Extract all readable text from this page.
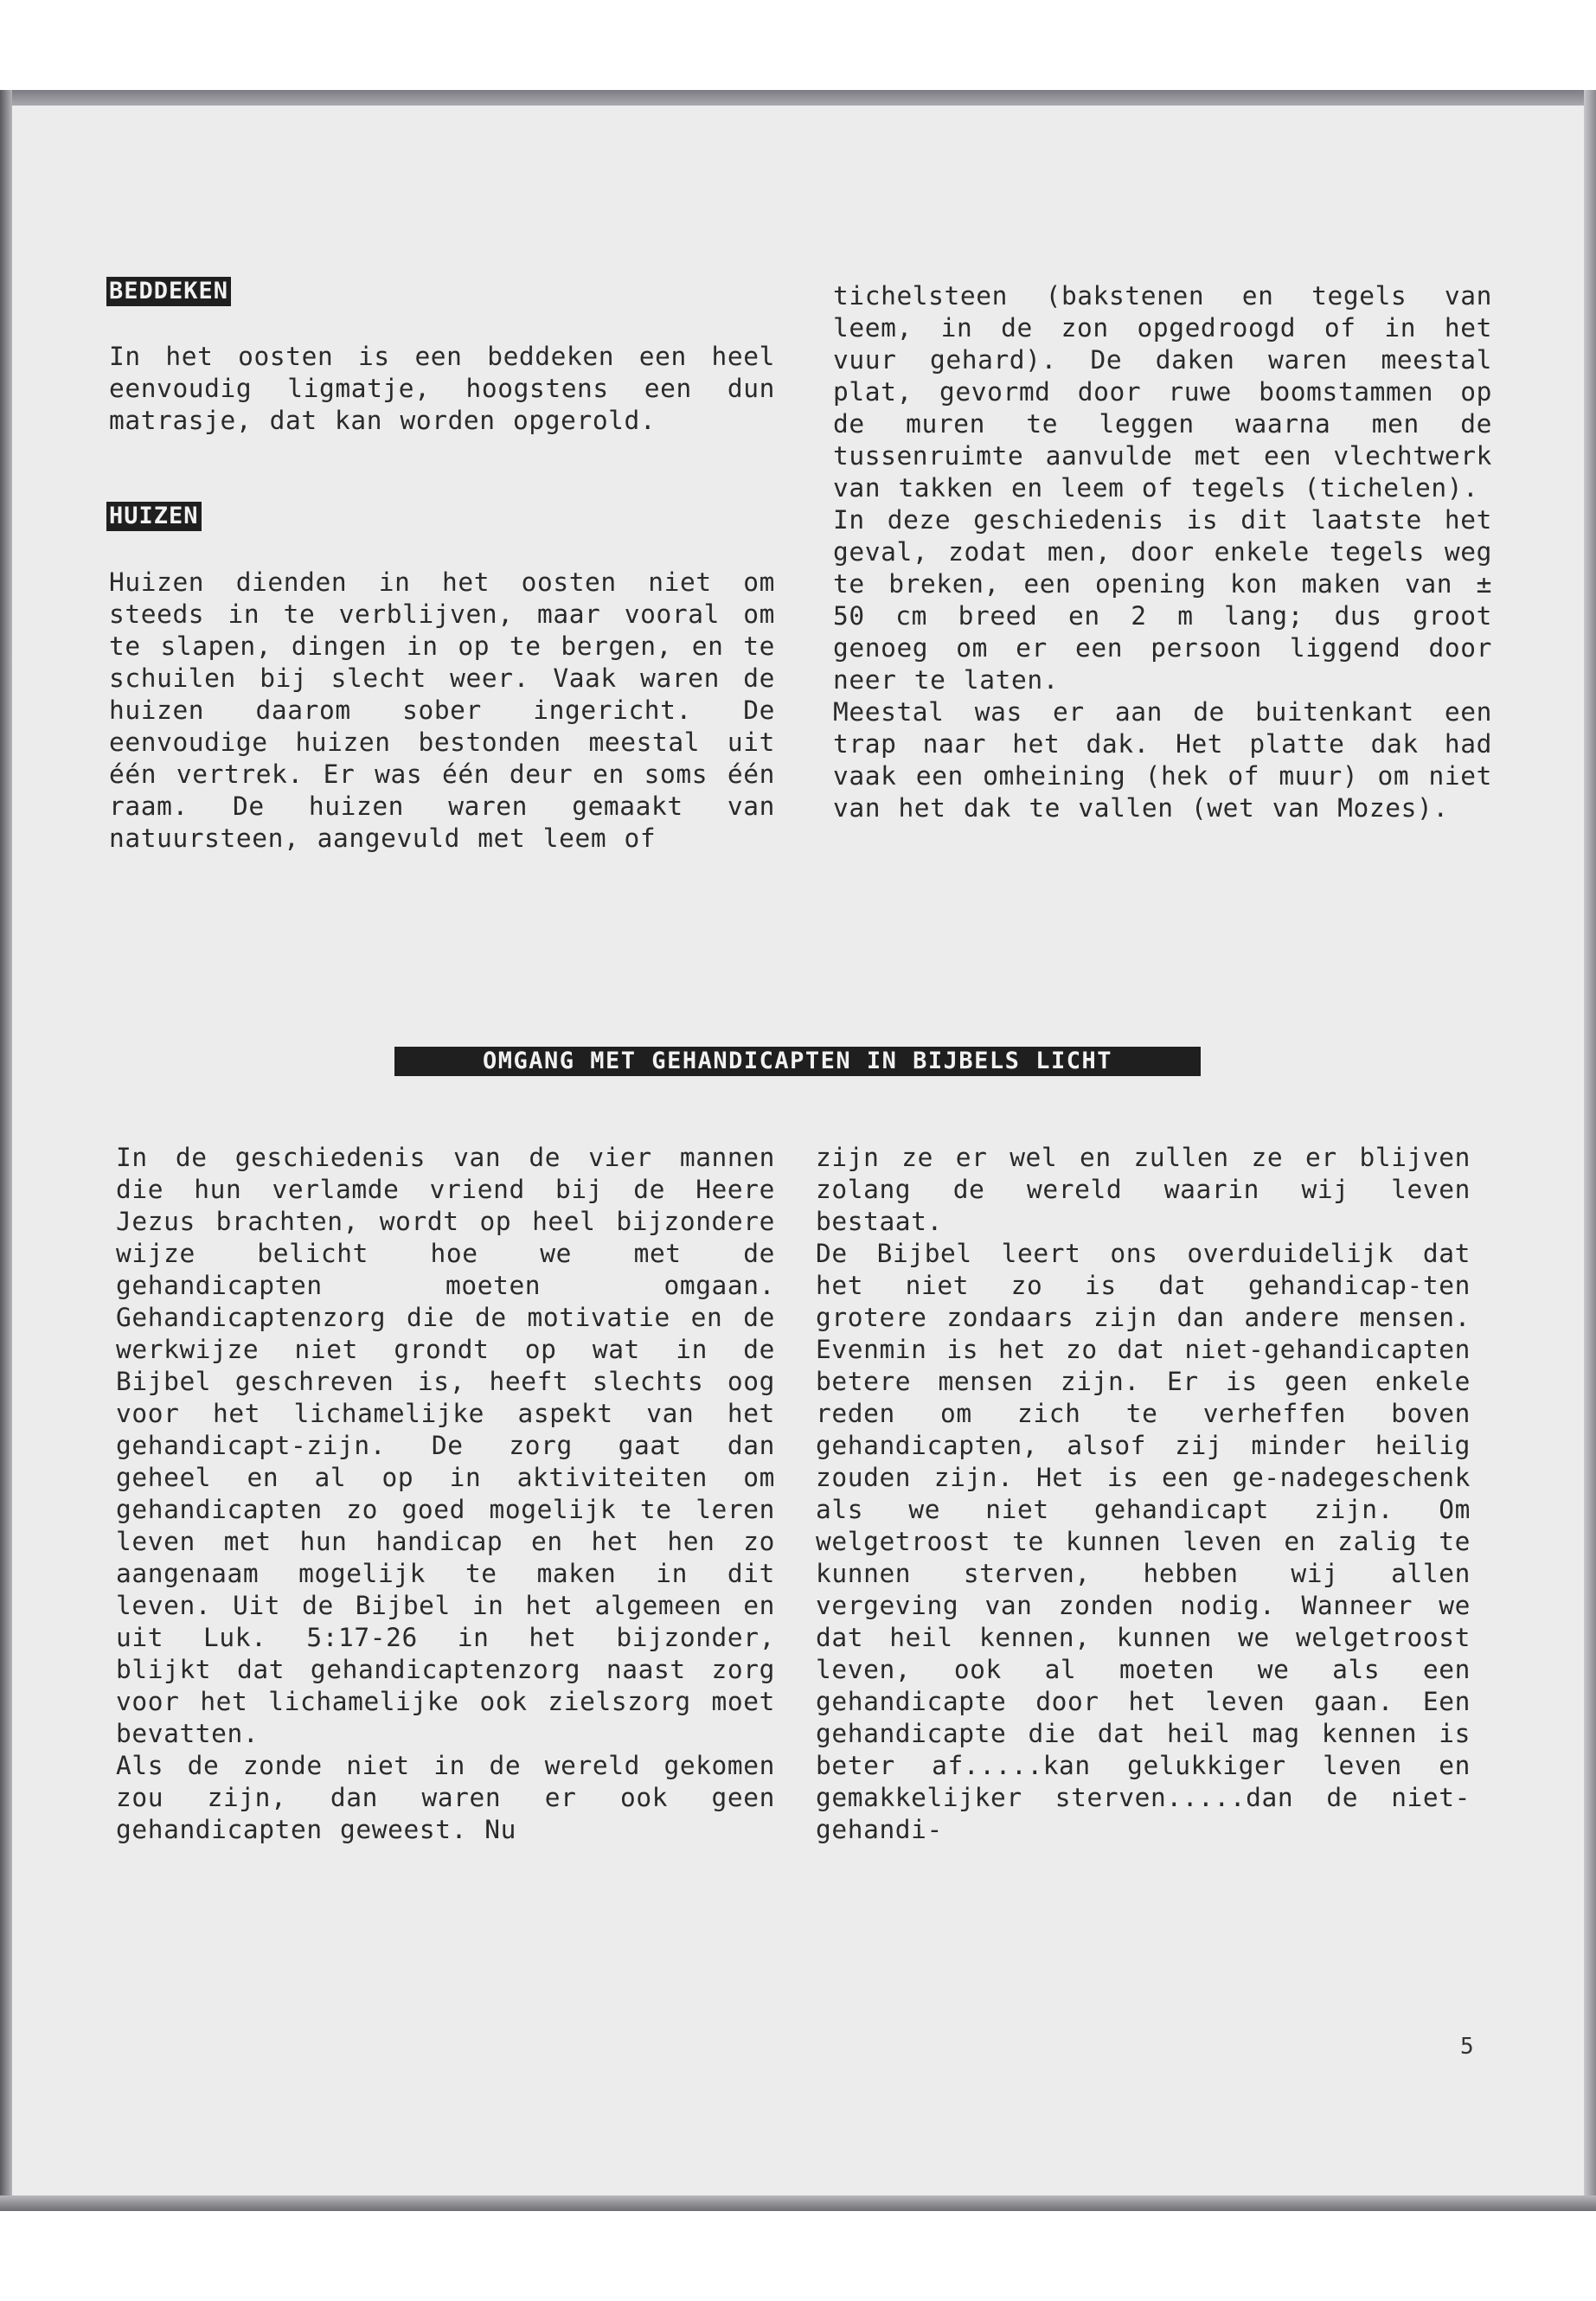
BEDDEKEN

In het oosten is een beddeken een heel eenvoudig ligmatje, hoogstens een dun matrasje, dat kan worden opgerold.

HUIZEN

Huizen dienden in het oosten niet om steeds in te verblijven, maar vooral om te slapen, dingen in op te bergen, en te schuilen bij slecht weer. Vaak waren de huizen daarom sober ingericht. De eenvoudige huizen bestonden meestal uit één vertrek. Er was één deur en soms één raam. De huizen waren gemaakt van natuursteen, aangevuld met leem of

tichelsteen (bakstenen en tegels van leem, in de zon opgedroogd of in het vuur gehard). De daken waren meestal plat, gevormd door ruwe boomstammen op de muren te leggen waarna men de tussenruimte aanvulde met een vlechtwerk van takken en leem of tegels (tichelen).

In deze geschiedenis is dit laatste het geval, zodat men, door enkele tegels weg te breken, een opening kon maken van ± 50 cm breed en 2 m lang; dus groot genoeg om er een persoon liggend door neer te laten.

Meestal was er aan de buitenkant een trap naar het dak. Het platte dak had vaak een omheining (hek of muur) om niet van het dak te vallen (wet van Mozes).

OMGANG MET GEHANDICAPTEN IN BIJBELS LICHT

In de geschiedenis van de vier mannen die hun verlamde vriend bij de Heere Jezus brachten, wordt op heel bijzondere wijze belicht hoe we met de gehandicapten moeten omgaan. Gehandicaptenzorg die de motivatie en de werkwijze niet grondt op wat in de Bijbel geschreven is, heeft slechts oog voor het lichamelijke aspekt van het gehandicapt-zijn. De zorg gaat dan geheel en al op in aktiviteiten om gehandicapten zo goed mogelijk te leren leven met hun handicap en het hen zo aangenaam mogelijk te maken in dit leven. Uit de Bijbel in het algemeen en uit Luk. 5:17-26 in het bijzonder, blijkt dat gehandicaptenzorg naast zorg voor het lichamelijke ook zielszorg moet bevatten.

Als de zonde niet in de wereld gekomen zou zijn, dan waren er ook geen gehandicapten geweest. Nu

zijn ze er wel en zullen ze er blijven zolang de wereld waarin wij leven bestaat.

De Bijbel leert ons overduidelijk dat het niet zo is dat gehandicap-ten grotere zondaars zijn dan andere mensen. Evenmin is het zo dat niet-gehandicapten betere mensen zijn. Er is geen enkele reden om zich te verheffen boven gehandicapten, alsof zij minder heilig zouden zijn. Het is een ge-nadegeschenk als we niet gehandicapt zijn. Om welgetroost te kunnen leven en zalig te kunnen sterven, hebben wij allen vergeving van zonden nodig. Wanneer we dat heil kennen, kunnen we welgetroost leven, ook al moeten we als een gehandicapte door het leven gaan. Een gehandicapte die dat heil mag kennen is beter af.....kan gelukkiger leven en gemakkelijker sterven.....dan de niet-gehandi-

5
